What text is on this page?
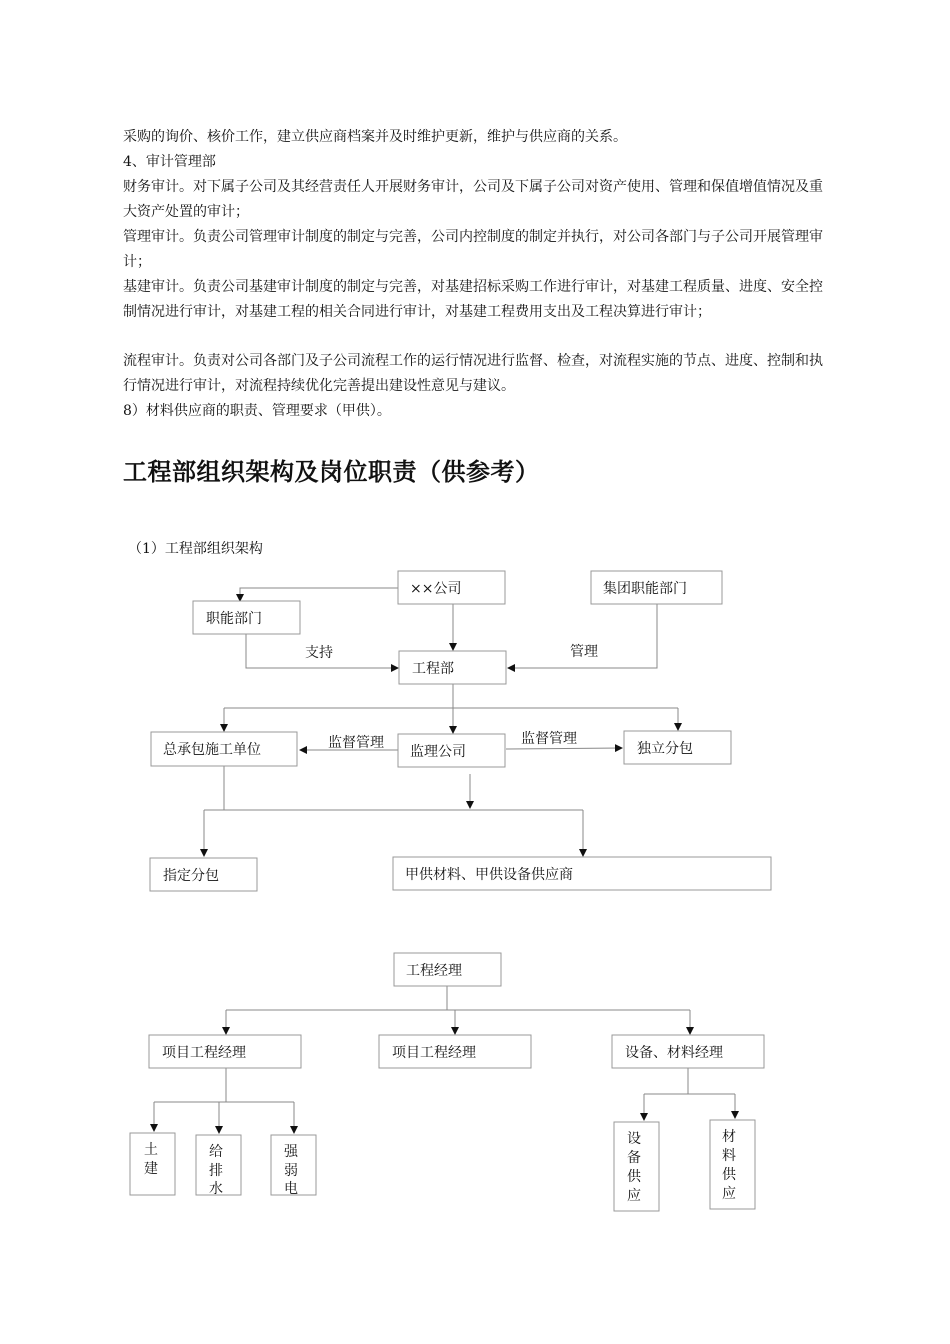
采购的询价、核价工作，建立供应商档案并及时维护更新，维护与供应商的关系。

4、审计管理部

财务审计。对下属子公司及其经营责任人开展财务审计，公司及下属子公司对资产使用、管理和保值增值情况及重大资产处置的审计；

管理审计。负责公司管理审计制度的制定与完善，公司内控制度的制定并执行，对公司各部门与子公司开展管理审计；

基建审计。负责公司基建审计制度的制定与完善，对基建招标采购工作进行审计，对基建工程质量、进度、安全控制情况进行审计，对基建工程的相关合同进行审计，对基建工程费用支出及工程决算进行审计；

流程审计。负责对公司各部门及子公司流程工作的运行情况进行监督、检查，对流程实施的节点、进度、控制和执行情况进行审计，对流程持续优化完善提出建设性意见与建议。

8）材料供应商的职责、管理要求（甲供）。

工程部组织架构及岗位职责（供参考）
（1）工程部组织架构
××公司	集团职能部门
职能部门
支持	管理
工程部
总承包施工单位	监理公司	独立分包
监督管理	监督管理
指定分包	甲供材料、甲供设备供应商
工程经理
项目工程经理	项目工程经理	设备、材料经理
土
建
给
排
水
强
弱
电
设
备
供
应
材
料
供
应
